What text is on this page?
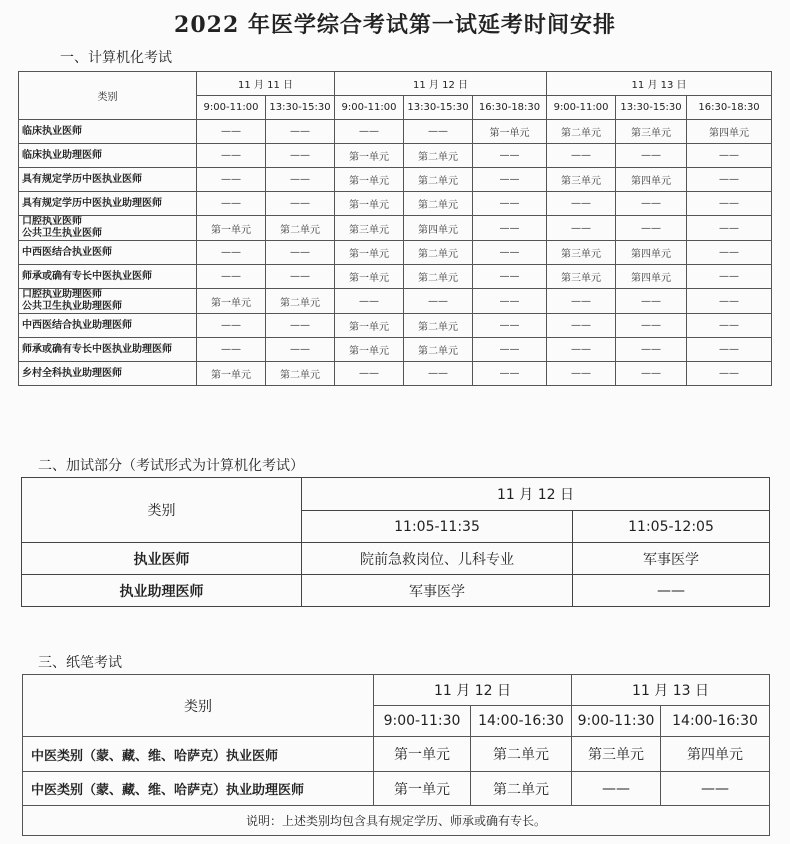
2022 年医学综合考试第一试延考时间安排
一、计算机化考试
类别	11 月 11 日		11 月 12 日			11 月 13 日		
	9:00-11:00	13:30-15:30	9:00-11:00	13:30-15:30	16:30-18:30	9:00-11:00	13:30-15:30	16:30-18:30

临床执业医师	——	——	——	——	第一单元	第二单元	第三单元	第四单元

临床执业助理医师	——	——	第一单元	第二单元	——	——	——	——

具有规定学历中医执业医师	——	——	第一单元	第二单元	——	第三单元	第四单元	——

具有规定学历中医执业助理医师	——	——	第一单元	第二单元	——	——	——	——

口腔执业医师
公共卫生执业医师	第一单元	第二单元	第三单元	第四单元	——	——	——	——

中西医结合执业医师	——	——	第一单元	第二单元	——	第三单元	第四单元	——

师承或确有专长中医执业医师	——	——	第一单元	第二单元	——	第三单元	第四单元	——

口腔执业助理医师
公共卫生执业助理医师	第一单元	第二单元	——	——	——	——	——	——

中西医结合执业助理医师	——	——	第一单元	第二单元	——	——	——	——

师承或确有专长中医执业助理医师	——	——	第一单元	第二单元	——	——	——	——

乡村全科执业助理医师	第一单元	第二单元	——	——	——	——	——	——
二、加试部分（考试形式为计算机化考试）
类别	11 月 12 日	
	11:05-11:35	11:05-12:05
执业医师	院前急救岗位、儿科专业	军事医学
执业助理医师	军事医学	——
三、纸笔考试
类别	11 月 12 日		11 月 13 日	
	9:00-11:30	14:00-16:30	9:00-11:30	14:00-16:30
中医类别（蒙、藏、维、哈萨克）执业医师	第一单元	第二单元	第三单元	第四单元
中医类别（蒙、藏、维、哈萨克）执业助理医师	第一单元	第二单元	——	——
说明：上述类别均包含具有规定学历、师承或确有专长。				
